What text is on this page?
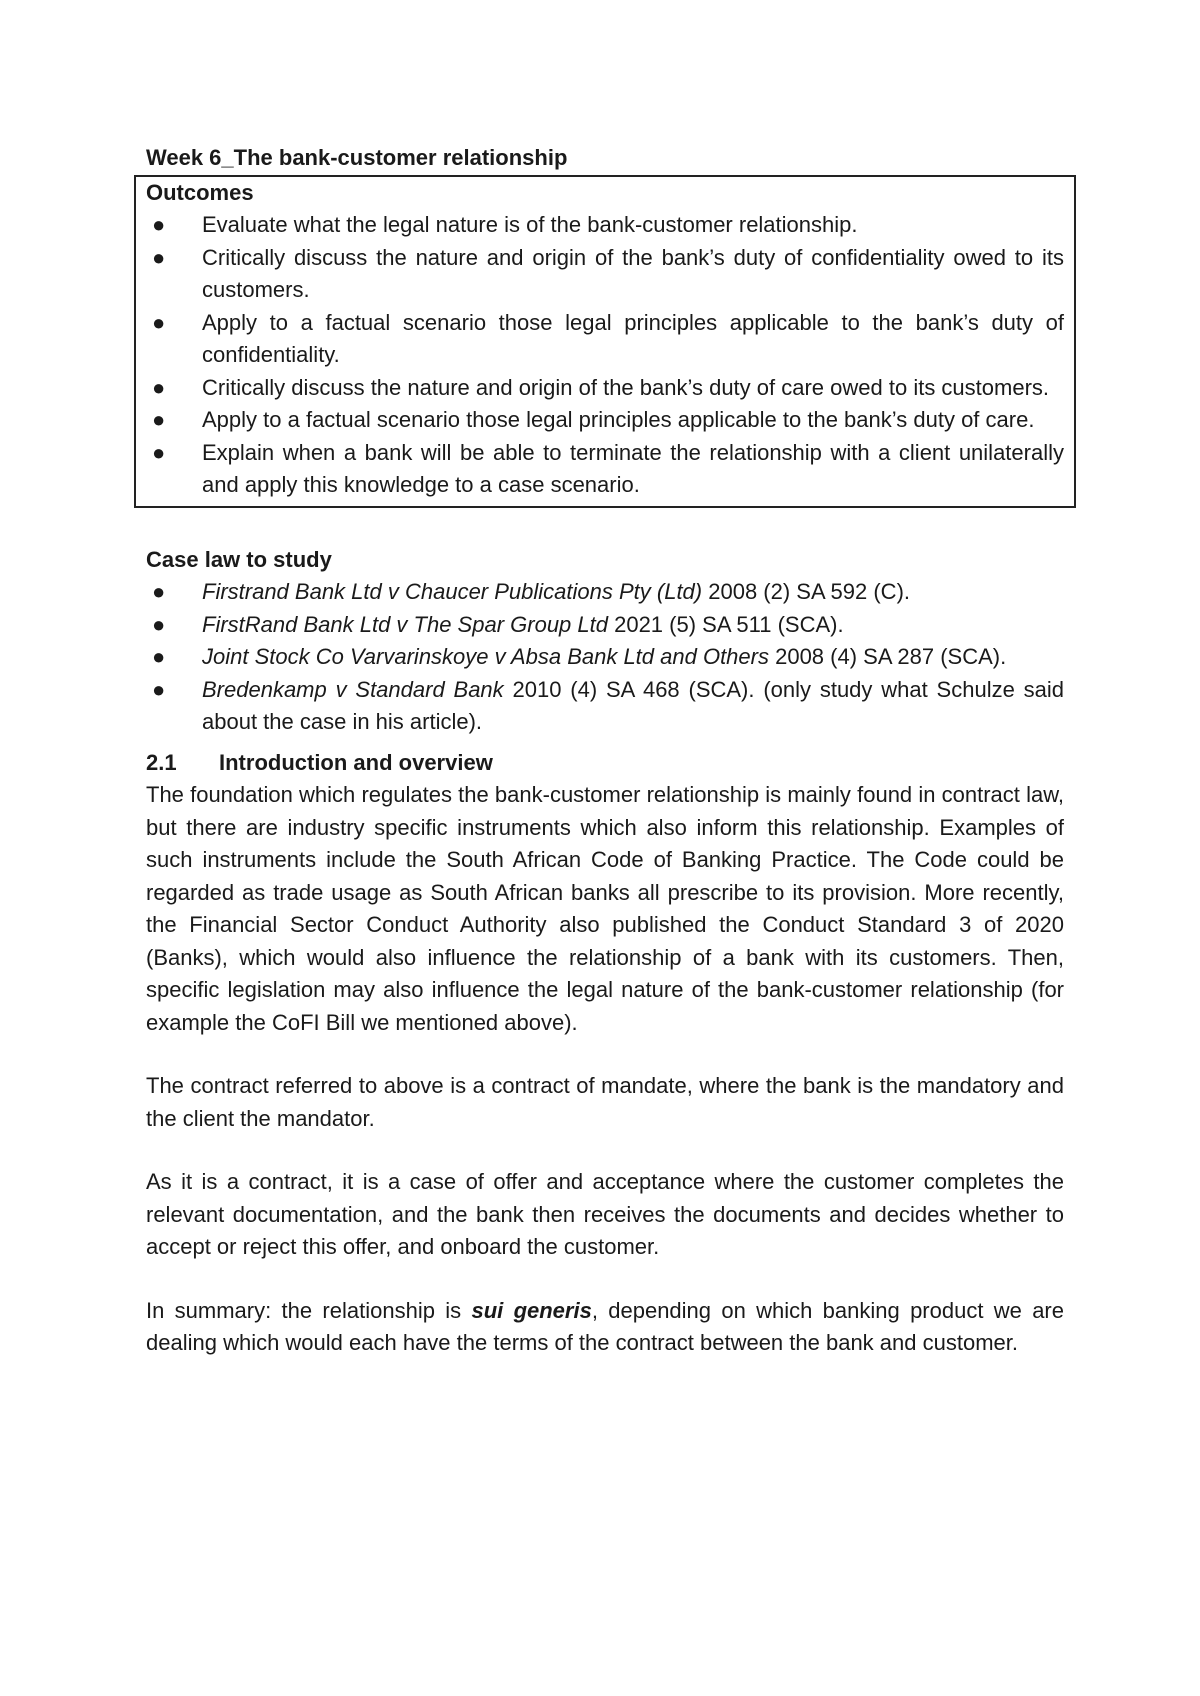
Week 6_The bank-customer relationship

Outcomes

● Evaluate what the legal nature is of the bank-customer relationship.
● Critically discuss the nature and origin of the bank’s duty of confidentiality owed to its customers.
● Apply to a factual scenario those legal principles applicable to the bank’s duty of confidentiality.
● Critically discuss the nature and origin of the bank’s duty of care owed to its customers.
● Apply to a factual scenario those legal principles applicable to the bank’s duty of care.
● Explain when a bank will be able to terminate the relationship with a client unilaterally and apply this knowledge to a case scenario.

Case law to study

● Firstrand Bank Ltd v Chaucer Publications Pty (Ltd) 2008 (2) SA 592 (C).
● FirstRand Bank Ltd v The Spar Group Ltd 2021 (5) SA 511 (SCA).
● Joint Stock Co Varvarinskoye v Absa Bank Ltd and Others 2008 (4) SA 287 (SCA).
● Bredenkamp v Standard Bank 2010 (4) SA 468 (SCA). (only study what Schulze said about the case in his article).

2.1 Introduction and overview

The foundation which regulates the bank-customer relationship is mainly found in contract law, but there are industry specific instruments which also inform this relationship. Examples of such instruments include the South African Code of Banking Practice. The Code could be regarded as trade usage as South African banks all prescribe to its provision. More recently, the Financial Sector Conduct Authority also published the Conduct Standard 3 of 2020 (Banks), which would also influence the relationship of a bank with its customers. Then, specific legislation may also influence the legal nature of the bank-customer relationship (for example the CoFI Bill we mentioned above).

The contract referred to above is a contract of mandate, where the bank is the mandatory and the client the mandator.

As it is a contract, it is a case of offer and acceptance where the customer completes the relevant documentation, and the bank then receives the documents and decides whether to accept or reject this offer, and onboard the customer.

In summary: the relationship is sui generis, depending on which banking product we are dealing which would each have the terms of the contract between the bank and customer.
